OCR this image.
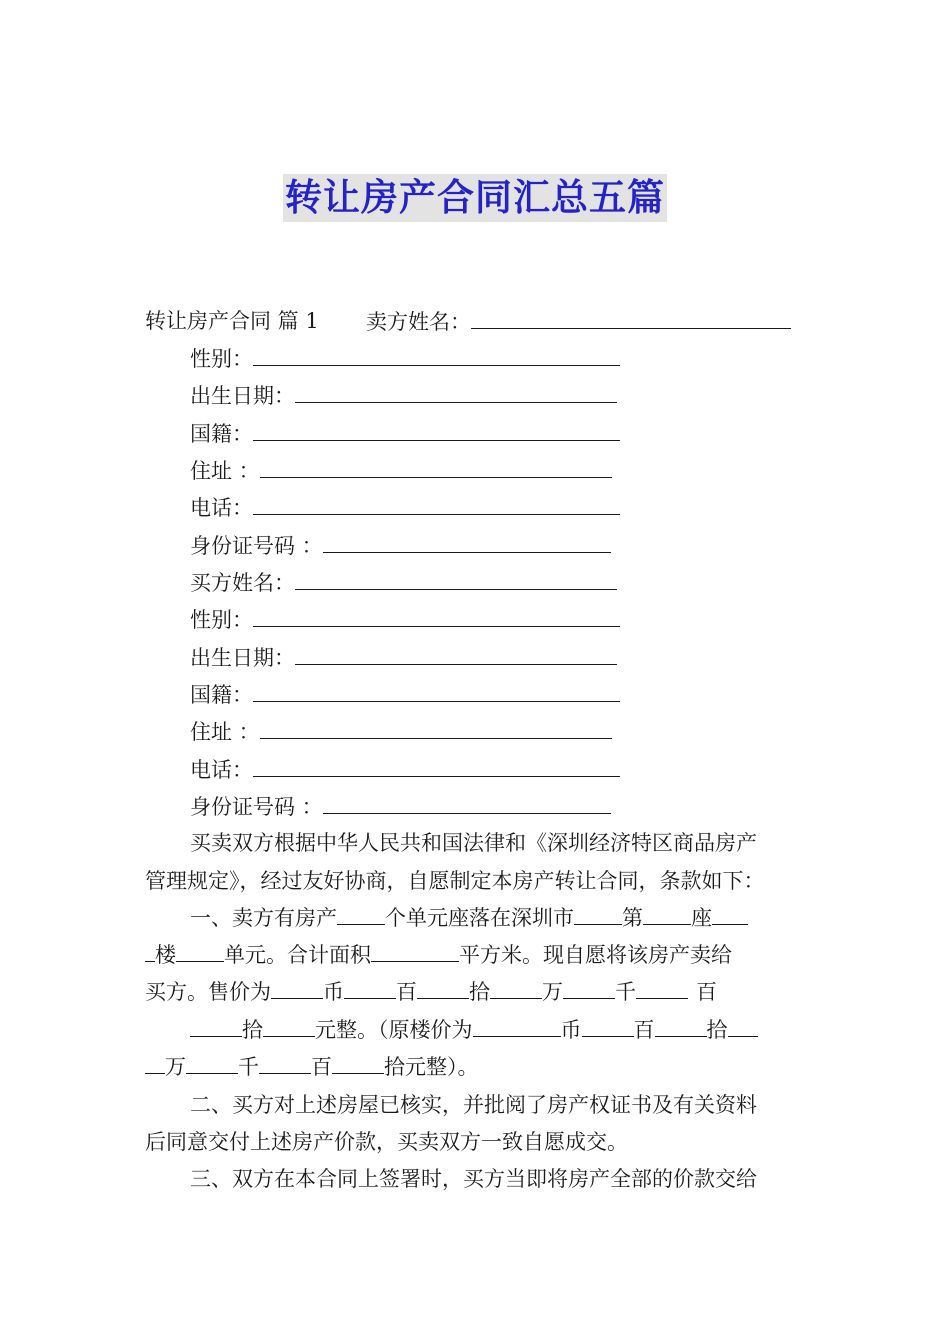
转让房产合同汇总五篇
转让房产合同 篇 1 卖方姓名：
性别：
出生日期：
国籍：
住址 ：
电话：
身份证号码 ：
买方姓名：
性别：
出生日期：
国籍：
住址 ：
电话：
身份证号码 ：
买卖双方根据中华人民共和国法律和《深圳经济特区商品房产
管理规定》，经过友好协商，自愿制定本房产转让合同，条款如下：
一、卖方有房产 个单元座落在深圳市 第 座
楼 单元。合计面积	平方米。现自愿将该房产卖给
买方。售价为 币 百 拾 万 千	百
拾 元整。（原楼价为	币 百 拾
万 千 百 拾元整）。
二、买方对上述房屋已核实，并批阅了房产权证书及有关资料
后同意交付上述房产价款，买卖双方一致自愿成交。
三、双方在本合同上签署时，买方当即将房产全部的价款交给
